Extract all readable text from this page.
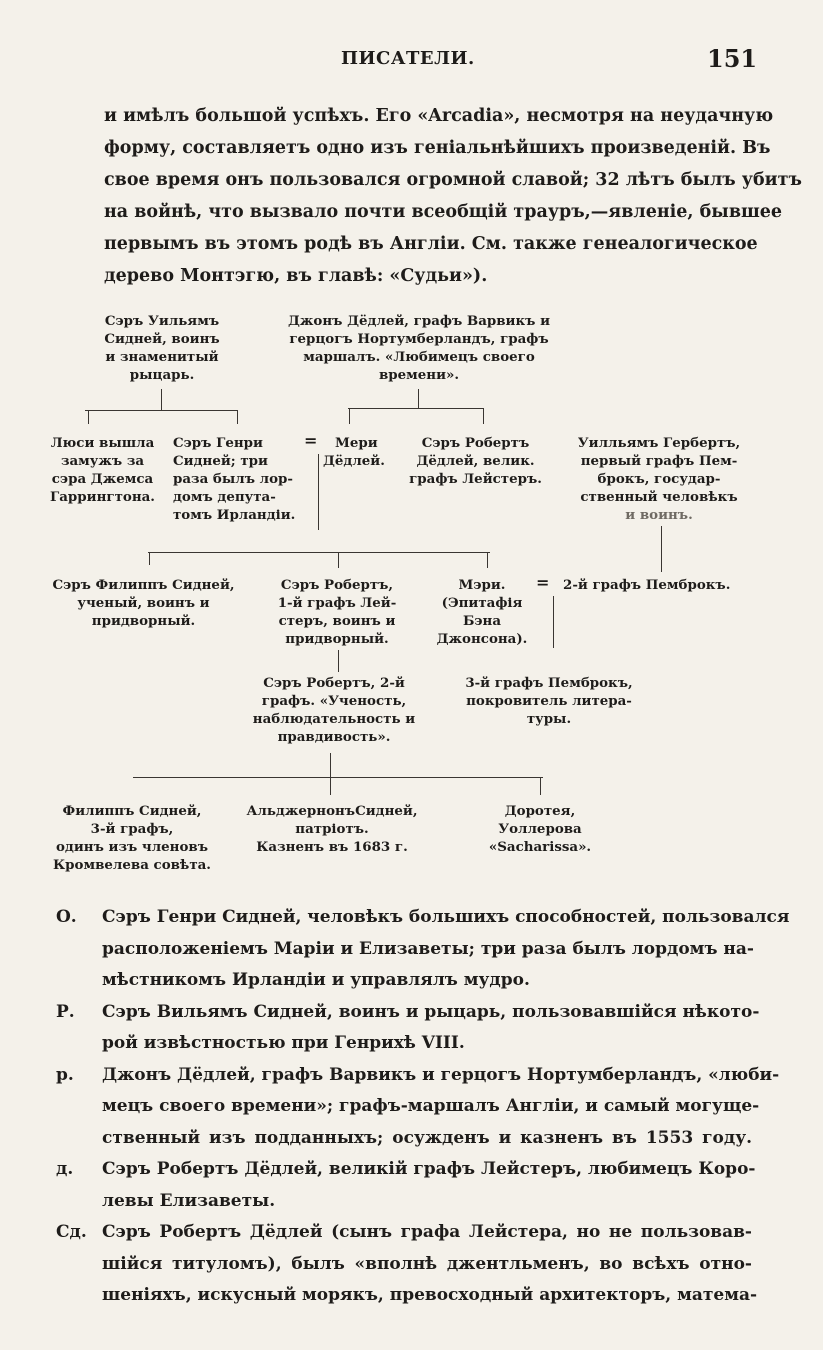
ПИСАТЕЛИ.	151
и имѣлъ большой успѣхъ. Его «Arcadia», несмотря на неудачную
форму, составляетъ одно изъ геніальнѣйшихъ произведеній. Въ
свое время онъ пользовался огромной славой; 32 лѣтъ былъ убитъ
на войнѣ, что вызвало почти всеобщій трауръ,—явленіе, бывшее
первымъ въ этомъ родѣ въ Англіи. См. также генеалогическое
дерево Монтэгю, въ главѣ: «Судьи»).
Сэръ Уильямъ
Сидней, воинъ
и знаменитый
рыцарь.
Джонъ Дёдлей, графъ Варвикъ и
герцогъ Нортумберландъ, графъ
маршалъ. «Любимецъ своего
времени».
Люси вышла
замужъ за
сэра Джемса
Гаррингтона.
Сэръ Генри
Сидней; три
раза былъ лор-
домъ депута-
томъ Ирландіи.
=	Мери
Дёдлей.
Сэръ Робертъ
Дёдлей, велик.
графъ Лейстеръ.
Уилльямъ Гербертъ,
первый графъ Пем-
брокъ, государ-
ственный человѣкъ
и воинъ.
Сэръ Филиппъ Сидней,
ученый, воинъ и
придворный.
Сэръ Робертъ,
1-й графъ Лей-
стеръ, воинъ и
придворный.
Мэри.
(Эпитафія
Бэна
Джонсона).
= 2-й графъ Пемброкъ.
Сэръ Робертъ, 2-й
графъ. «Ученость,
наблюдательность и
правдивость».
3-й графъ Пемброкъ,
покровитель литера-
туры.
Филиппъ Сидней,
3-й графъ,
одинъ изъ членовъ
Кромвелева совѣта.
АльджернонъСидней,
патріотъ.
Казненъ въ 1683 г.
Доротея,
Уоллерова
«Sacharissa».
О.	Сэръ Генри Сидней, человѣкъ большихъ способностей, пользовался
расположеніемъ Маріи и Елизаветы; три раза былъ лордомъ на-
мѣстникомъ Ирландіи и управлялъ мудро.
Р.	Сэръ Вильямъ Сидней, воинъ и рыцарь, пользовавшійся нѣкото-
рой извѣстностью при Генрихѣ VIII.
р.	Джонъ Дёдлей, графъ Варвикъ и герцогъ Нортумберландъ, «люби-
мецъ своего времени»; графъ-маршалъ Англіи, и самый могуще-
ственный изъ подданныхъ; осужденъ и казненъ въ 1553 году.
д.	Сэръ Робертъ Дёдлей, великій графъ Лейстеръ, любимецъ Коро-
левы Елизаветы.
Сд. Сэръ Робертъ Дёдлей (сынъ графа Лейстера, но не пользовав-
шійся титуломъ), былъ «вполнѣ джентльменъ, во всѣхъ отно-
шеніяхъ, искусный морякъ, превосходный архитекторъ, матема-
